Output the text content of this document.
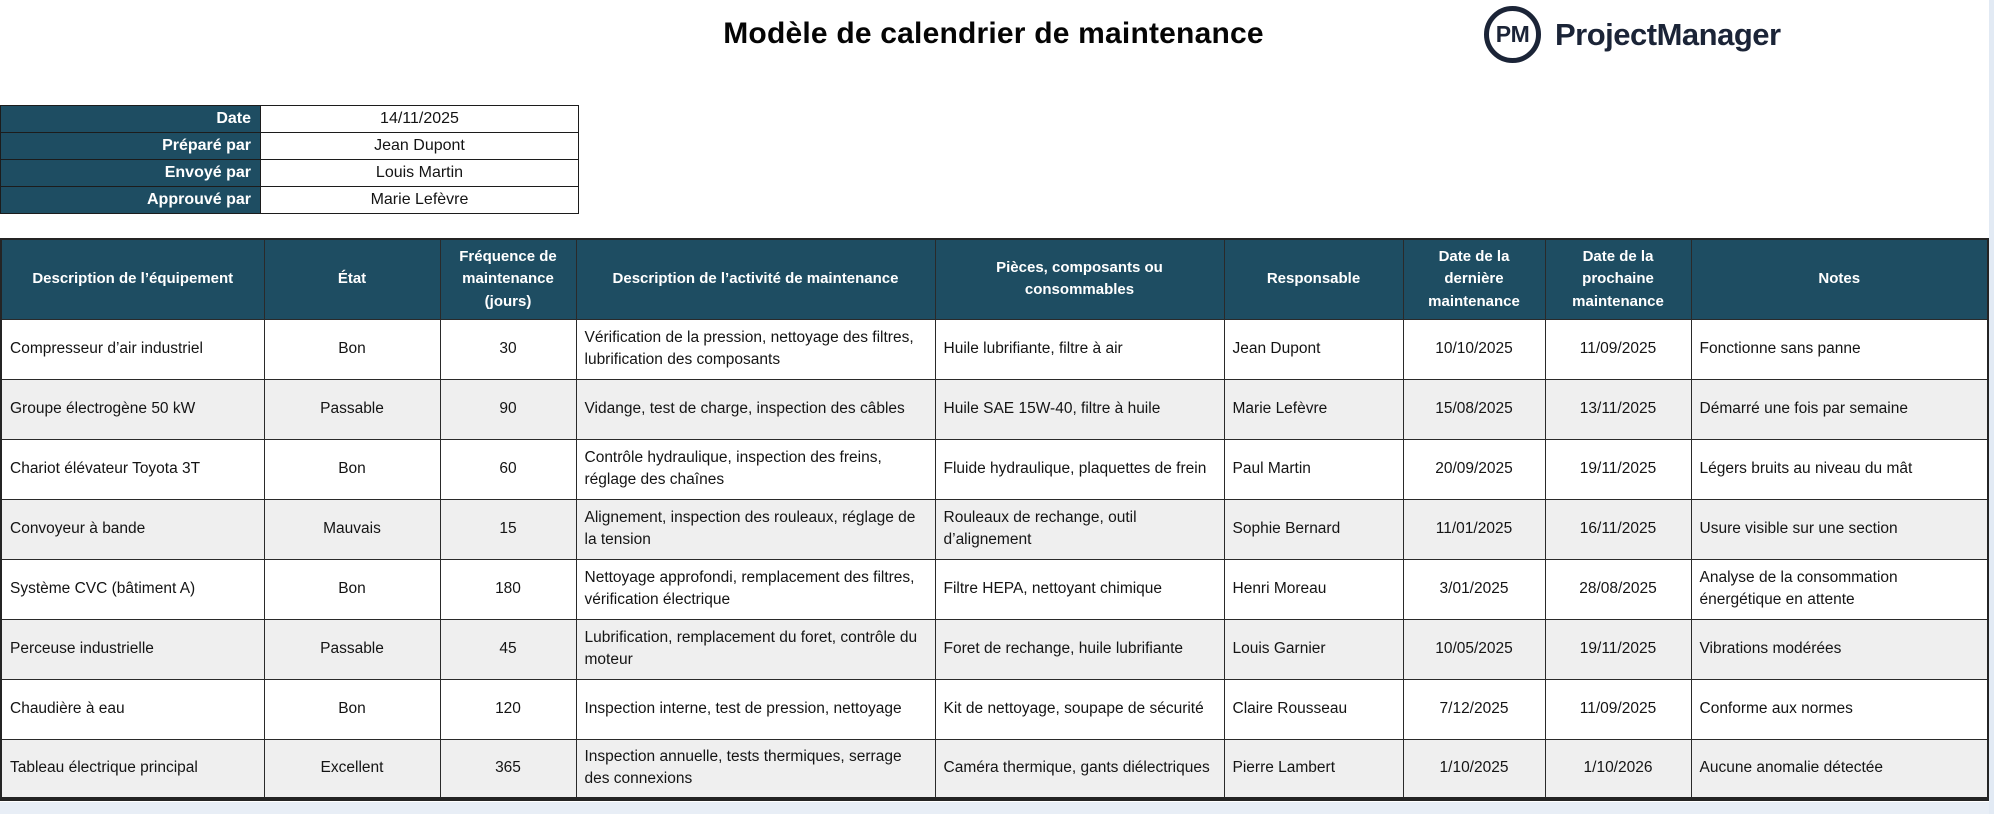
Modèle de calendrier de maintenance	PM ProjectManager
Date	14/11/2025
Préparé par	Jean Dupont
Envoyé par	Louis Martin
Approuvé par	Marie Lefèvre
Description de l’équipement	État	Fréquence de maintenance (jours)	Description de l’activité de maintenance	Pièces, composants ou consommables	Responsable	Date de la dernière maintenance	Date de la prochaine maintenance	Notes
Compresseur d’air industriel	Bon	30	Vérification de la pression, nettoyage des filtres, lubrification des composants	Huile lubrifiante, filtre à air	Jean Dupont	10/10/2025	11/09/2025	Fonctionne sans panne
Groupe électrogène 50 kW	Passable	90	Vidange, test de charge, inspection des câbles	Huile SAE 15W-40, filtre à huile	Marie Lefèvre	15/08/2025	13/11/2025	Démarré une fois par semaine
Chariot élévateur Toyota 3T	Bon	60	Contrôle hydraulique, inspection des freins, réglage des chaînes	Fluide hydraulique, plaquettes de frein	Paul Martin	20/09/2025	19/11/2025	Légers bruits au niveau du mât
Convoyeur à bande	Mauvais	15	Alignement, inspection des rouleaux, réglage de la tension	Rouleaux de rechange, outil d’alignement	Sophie Bernard	11/01/2025	16/11/2025	Usure visible sur une section
Système CVC (bâtiment A)	Bon	180	Nettoyage approfondi, remplacement des filtres, vérification électrique	Filtre HEPA, nettoyant chimique	Henri Moreau	3/01/2025	28/08/2025	Analyse de la consommation énergétique en attente
Perceuse industrielle	Passable	45	Lubrification, remplacement du foret, contrôle du moteur	Foret de rechange, huile lubrifiante	Louis Garnier	10/05/2025	19/11/2025	Vibrations modérées
Chaudière à eau	Bon	120	Inspection interne, test de pression, nettoyage	Kit de nettoyage, soupape de sécurité	Claire Rousseau	7/12/2025	11/09/2025	Conforme aux normes
Tableau électrique principal	Excellent	365	Inspection annuelle, tests thermiques, serrage des connexions	Caméra thermique, gants diélectriques	Pierre Lambert	1/10/2025	1/10/2026	Aucune anomalie détectée
